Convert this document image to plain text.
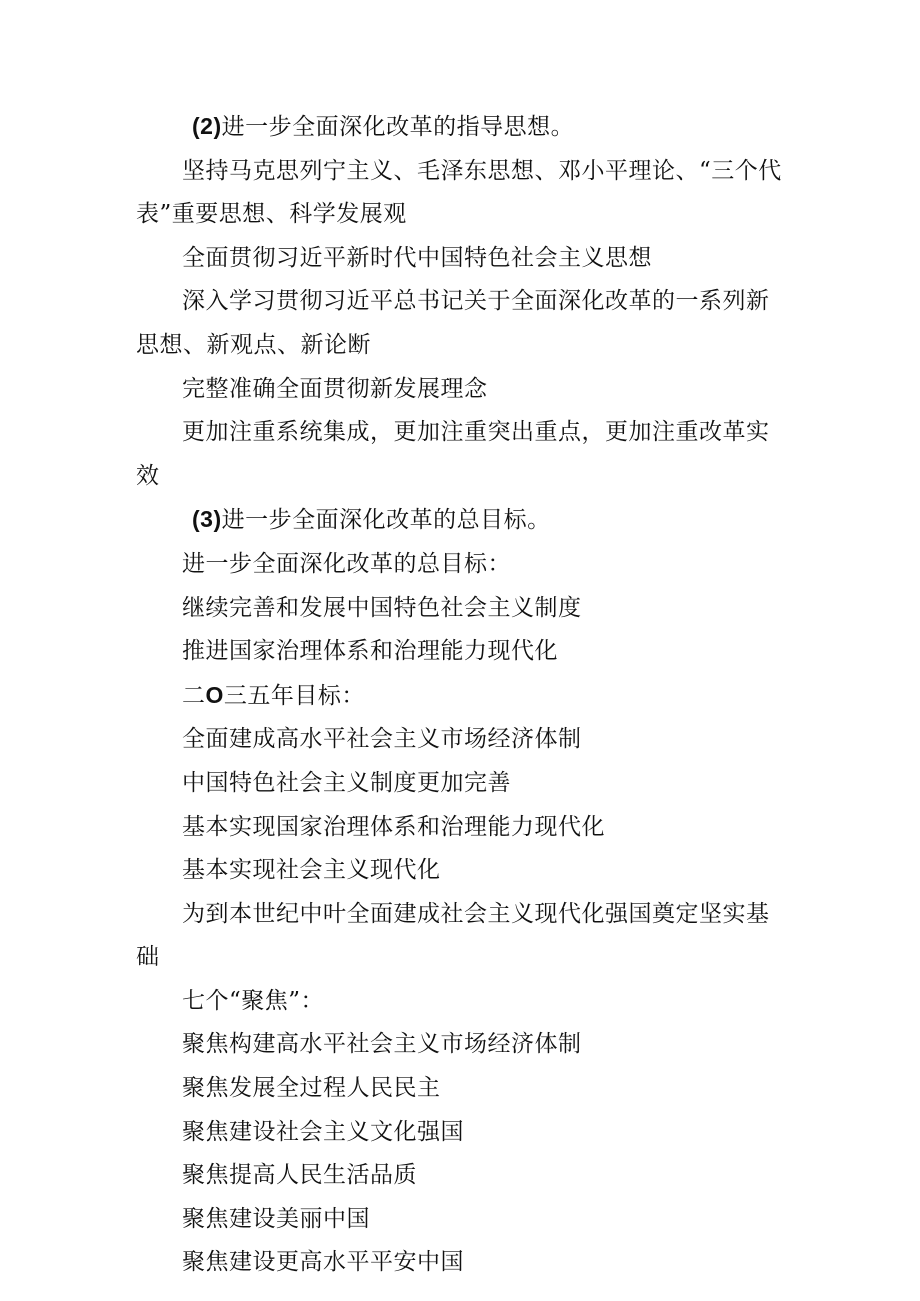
(2)进一步全面深化改革的指导思想。

坚持马克思列宁主义、毛泽东思想、邓小平理论、“三个代表”重要思想、科学发展观

全面贯彻习近平新时代中国特色社会主义思想

深入学习贯彻习近平总书记关于全面深化改革的一系列新思想、新观点、新论断

完整准确全面贯彻新发展理念

更加注重系统集成，更加注重突出重点，更加注重改革实效

(3)进一步全面深化改革的总目标。

进一步全面深化改革的总目标：

继续完善和发展中国特色社会主义制度

推进国家治理体系和治理能力现代化

二O三五年目标：

全面建成高水平社会主义市场经济体制

中国特色社会主义制度更加完善

基本实现国家治理体系和治理能力现代化

基本实现社会主义现代化

为到本世纪中叶全面建成社会主义现代化强国奠定坚实基础

七个“聚焦”：

聚焦构建高水平社会主义市场经济体制

聚焦发展全过程人民民主

聚焦建设社会主义文化强国

聚焦提高人民生活品质

聚焦建设美丽中国

聚焦建设更高水平平安中国
